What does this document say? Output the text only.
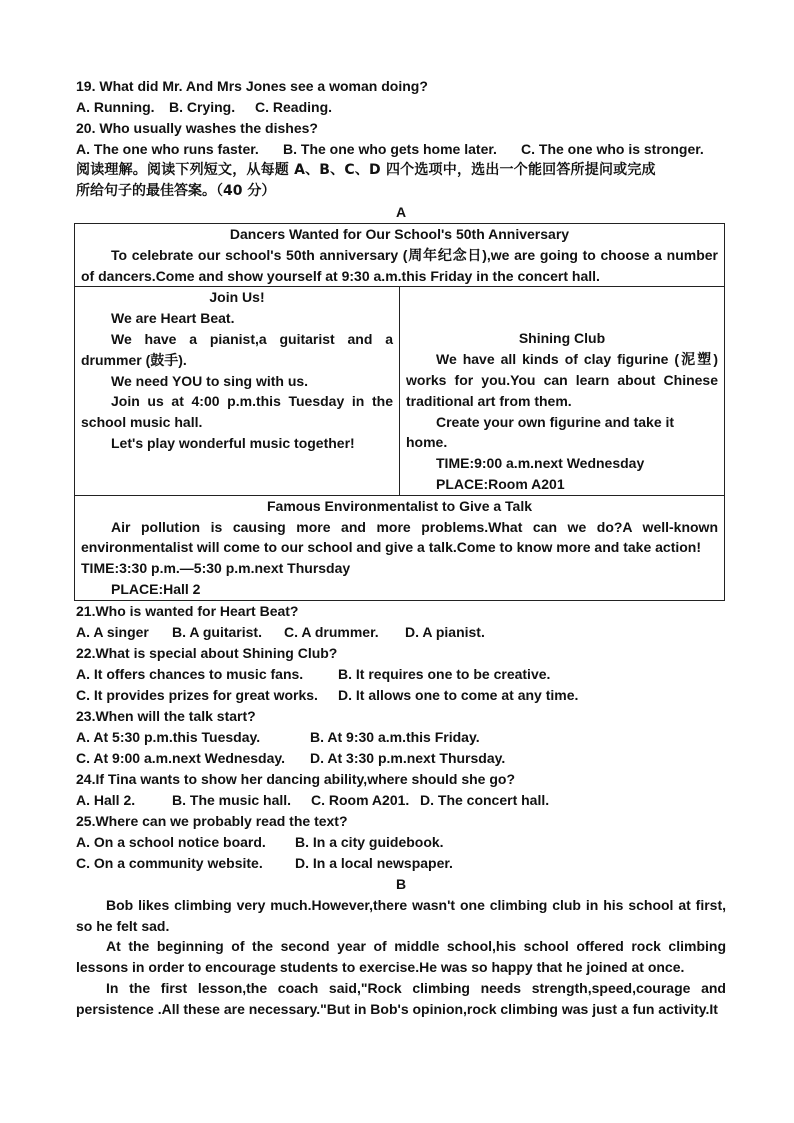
19. What did Mr. And Mrs Jones see a woman doing?
A. Running. B. Crying. C. Reading.
20. Who usually washes the dishes?
A. The one who runs faster. B. The one who gets home later. C. The one who is stronger.
阅读理解。阅读下列短文，从每题 A、B、C、D 四个选项中，选出一个能回答所提问或完成
所给句子的最佳答案。（40 分）
A
Dancers Wanted for Our School's 50th Anniversary
To celebrate our school's 50th anniversary (周年纪念日),we are going to choose a number of dancers.Come and show yourself at 9:30 a.m.this Friday in the concert hall.

Join Us!
We are Heart Beat.
We have a pianist,a guitarist and a drummer (鼓手).
We need YOU to sing with us.
Join us at 4:00 p.m.this Tuesday in the school music hall.
Let's play wonderful music together!

Shining Club
We have all kinds of clay figurine (泥塑) works for you.You can learn about Chinese traditional art from them.
Create your own figurine and take it home.
TIME:9:00 a.m.next Wednesday
PLACE:Room A201

Famous Environmentalist to Give a Talk
Air pollution is causing more and more problems.What can we do?A well-known environmentalist will come to our school and give a talk.Come to know more and take action!
TIME:3:30 p.m.—5:30 p.m.next Thursday
PLACE:Hall 2
21.Who is wanted for Heart Beat?
A. A singer B. A guitarist. C. A drummer. D. A pianist.
22.What is special about Shining Club?
A. It offers chances to music fans. B. It requires one to be creative.
C. It provides prizes for great works. D. It allows one to come at any time.
23.When will the talk start?
A. At 5:30 p.m.this Tuesday.	B. At 9:30 a.m.this Friday.
C. At 9:00 a.m.next Wednesday. D. At 3:30 p.m.next Thursday.
24.If Tina wants to show her dancing ability,where should she go?
A. Hall 2.	B. The music hall. C. Room A201. D. The concert hall.
25.Where can we probably read the text?
A. On a school notice board. B. In a city guidebook.
C. On a community website. D. In a local newspaper.
B
Bob likes climbing very much.However,there wasn't one climbing club in his school at first, so he felt sad.
At the beginning of the second year of middle school,his school offered rock climbing lessons in order to encourage students to exercise.He was so happy that he joined at once.
In the first lesson,the coach said,"Rock climbing needs strength,speed,courage and persistence .All these are necessary."But in Bob's opinion,rock climbing was just a fun activity.It
